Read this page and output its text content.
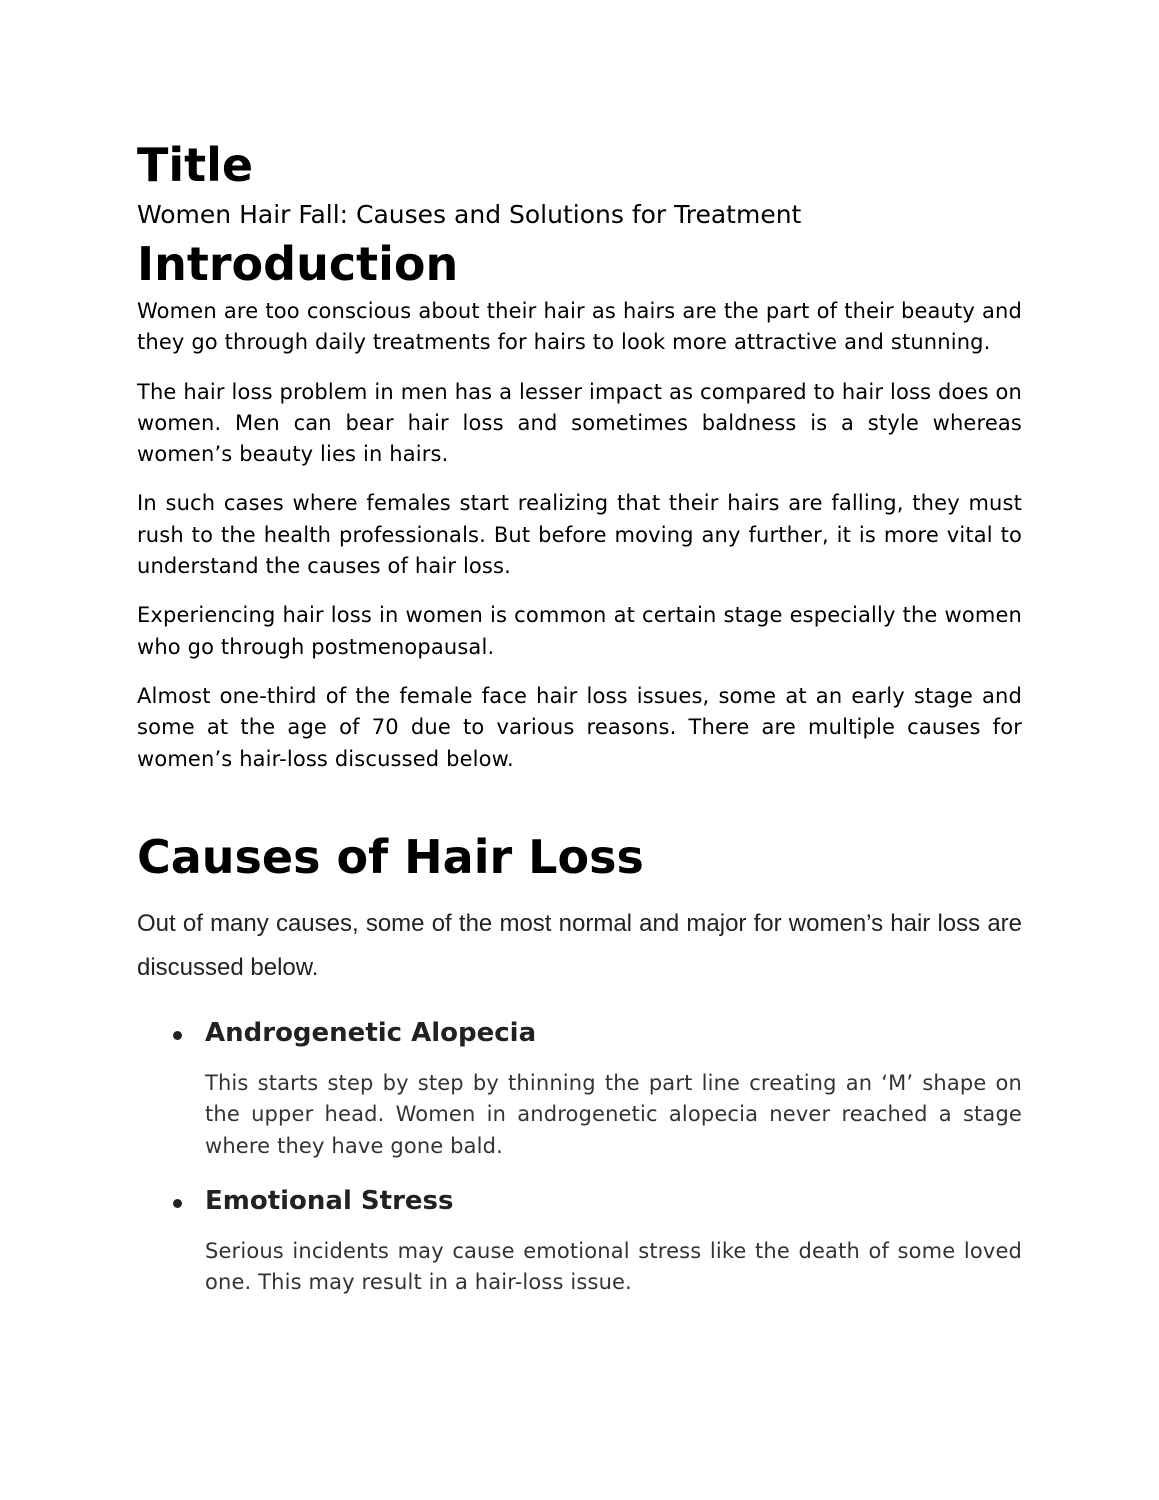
Title
Women Hair Fall: Causes and Solutions for Treatment
Introduction

Women are too conscious about their hair as hairs are the part of their beauty and they go through daily treatments for hairs to look more attractive and stunning.

The hair loss problem in men has a lesser impact as compared to hair loss does on women. Men can bear hair loss and sometimes baldness is a style whereas women’s beauty lies in hairs.

In such cases where females start realizing that their hairs are falling, they must rush to the health professionals. But before moving any further, it is more vital to understand the causes of hair loss.

Experiencing hair loss in women is common at certain stage especially the women who go through postmenopausal.

Almost one-third of the female face hair loss issues, some at an early stage and some at the age of 70 due to various reasons. There are multiple causes for women’s hair-loss discussed below.

Causes of Hair Loss

Out of many causes, some of the most normal and major for women’s hair loss are discussed below.

Androgenetic Alopecia

This starts step by step by thinning the part line creating an ‘M’ shape on the upper head. Women in androgenetic alopecia never reached a stage where they have gone bald.

Emotional Stress

Serious incidents may cause emotional stress like the death of some loved one. This may result in a hair-loss issue.
